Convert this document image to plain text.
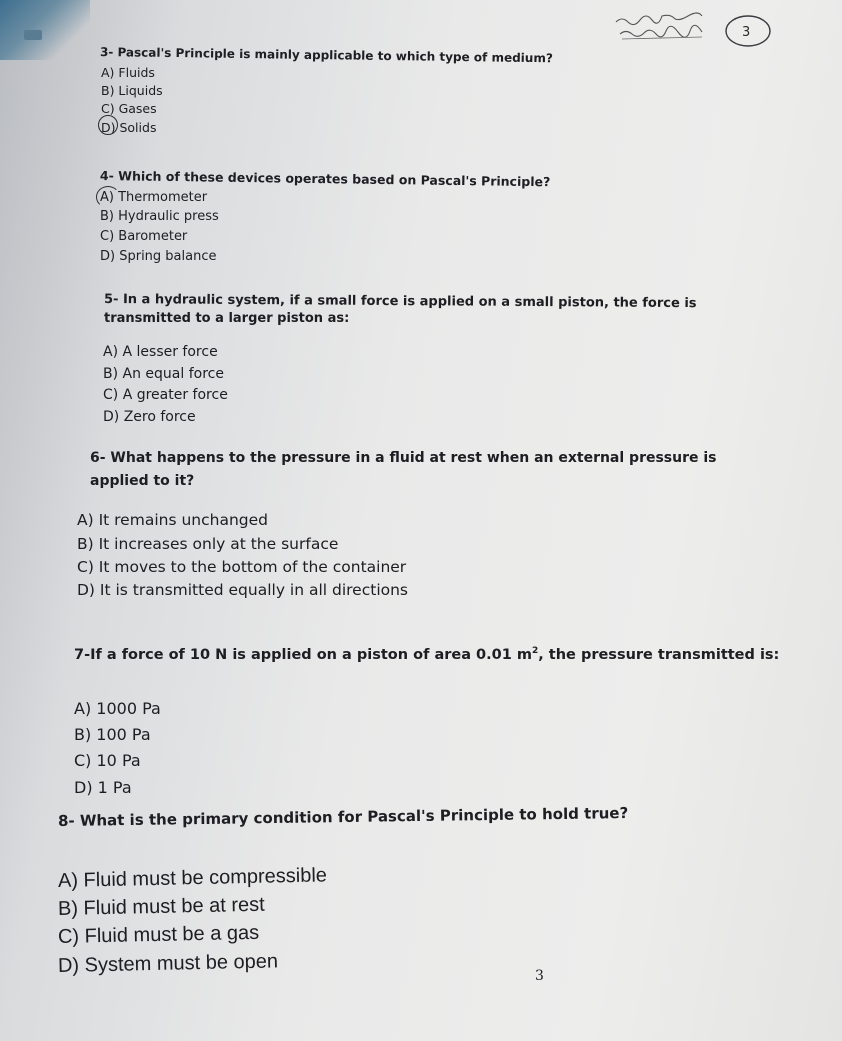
3

3- Pascal's Principle is mainly applicable to which type of medium?

A) Fluids

B) Liquids

C) Gases

D) Solids

4- Which of these devices operates based on Pascal's Principle?

A) Thermometer

B) Hydraulic press

C) Barometer

D) Spring balance

5- In a hydraulic system, if a small force is applied on a small piston, the force is

transmitted to a larger piston as:

A) A lesser force

B) An equal force

C) A greater force

D) Zero force

6- What happens to the pressure in a fluid at rest when an external pressure is

applied to it?

A) It remains unchanged

B) It increases only at the surface

C) It moves to the bottom of the container

D) It is transmitted equally in all directions

7-If a force of 10 N is applied on a piston of area 0.01 $m^2$, the pressure transmitted is:

A) 1000 Pa

B) 100 Pa

C) 10 Pa

D) 1 Pa

8- What is the primary condition for Pascal's Principle to hold true?

A) Fluid must be compressible

B) Fluid must be at rest

C) Fluid must be a gas

D) System must be open	3
